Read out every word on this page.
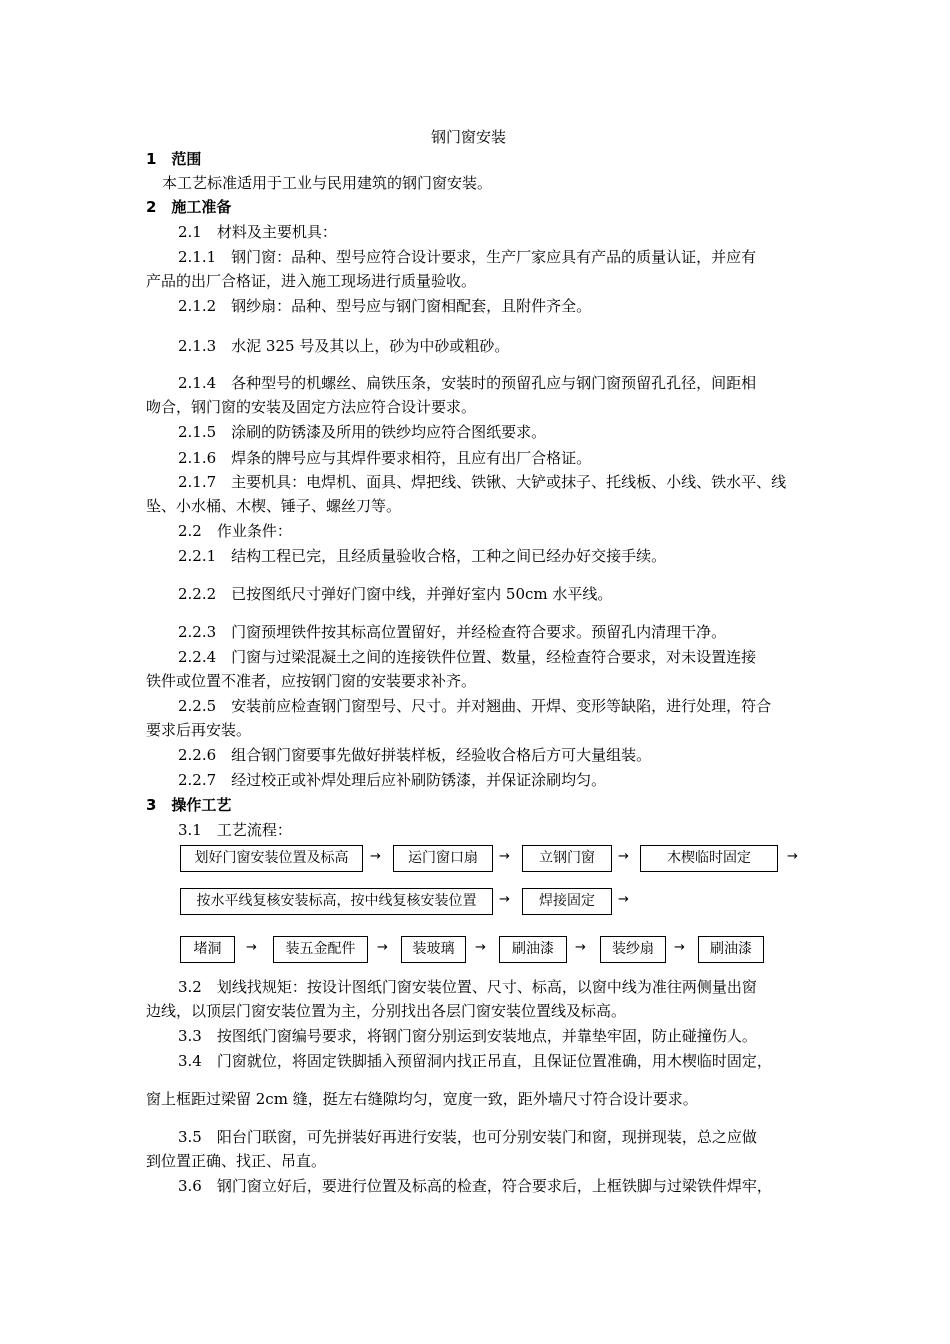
钢门窗安装
1　范围
本工艺标准适用于工业与民用建筑的钢门窗安装。
2　施工准备
2.1　材料及主要机具：
2.1.1　钢门窗：品种、型号应符合设计要求，生产厂家应具有产品的质量认证，并应有
产品的出厂合格证，进入施工现场进行质量验收。
2.1.2　钢纱扇：品种、型号应与钢门窗相配套，且附件齐全。
2.1.3　水泥 325 号及其以上，砂为中砂或粗砂。
2.1.4　各种型号的机螺丝、扁铁压条，安装时的预留孔应与钢门窗预留孔孔径，间距相
吻合，钢门窗的安装及固定方法应符合设计要求。
2.1.5　涂刷的防锈漆及所用的铁纱均应符合图纸要求。
2.1.6　焊条的牌号应与其焊件要求相符，且应有出厂合格证。
2.1.7　主要机具：电焊机、面具、焊把线、铁锹、大铲或抹子、托线板、小线、铁水平、线
坠、小水桶、木楔、锤子、螺丝刀等。
2.2　作业条件：
2.2.1　结构工程已完，且经质量验收合格，工种之间已经办好交接手续。
2.2.2　已按图纸尺寸弹好门窗中线，并弹好室内 50cm 水平线。
2.2.3　门窗预埋铁件按其标高位置留好，并经检查符合要求。预留孔内清理干净。
2.2.4　门窗与过梁混凝土之间的连接铁件位置、数量，经检查符合要求，对未设置连接
铁件或位置不准者，应按钢门窗的安装要求补齐。
2.2.5　安装前应检查钢门窗型号、尺寸。并对翘曲、开焊、变形等缺陷，进行处理，符合
要求后再安装。
2.2.6　组合钢门窗要事先做好拼装样板，经验收合格后方可大量组装。
2.2.7　经过校正或补焊处理后应补刷防锈漆，并保证涂刷均匀。
3　操作工艺
3.1　工艺流程：
划好门窗安装位置及标高	→	运门窗口扇	→	立钢门窗	→	木楔临时固定	→
按水平线复核安装标高，按中线复核安装位置	→	焊接固定	→
堵洞	→	装五金配件	→	装玻璃	→	刷油漆	→	装纱扇	→	刷油漆
3.2　划线找规矩：按设计图纸门窗安装位置、尺寸、标高，以窗中线为准往两侧量出窗
边线，以顶层门窗安装位置为主，分别找出各层门窗安装位置线及标高。
3.3　按图纸门窗编号要求，将钢门窗分别运到安装地点，并靠垫牢固，防止碰撞伤人。
3.4　门窗就位，将固定铁脚插入预留洞内找正吊直，且保证位置准确，用木楔临时固定，
窗上框距过梁留 2cm 缝，挺左右缝隙均匀，宽度一致，距外墙尺寸符合设计要求。
3.5　阳台门联窗，可先拼装好再进行安装，也可分别安装门和窗，现拼现装，总之应做
到位置正确、找正、吊直。
3.6　钢门窗立好后，要进行位置及标高的检查，符合要求后，上框铁脚与过梁铁件焊牢，
